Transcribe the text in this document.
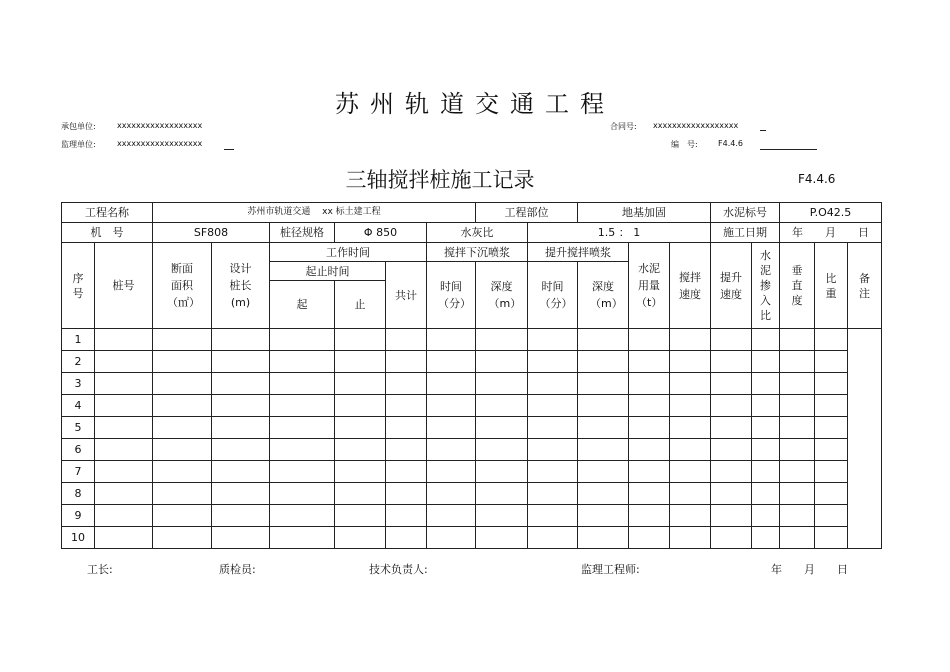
苏州轨道交通工程
承包单位:	xxxxxxxxxxxxxxxxxx	合同号: xxxxxxxxxxxxxxxxxx
监理单位:	xxxxxxxxxxxxxxxxxx	编　号:	F4.4.6
三轴搅拌桩施工记录	F4.4.6
工程名称		苏州市轨道交通　 xx 标土建工程						工程部位		地基加固			水泥标号		P.O42.5		
机　号		SF808		桩径规格	Φ 850		水灰比		1.5 ： 1				施工日期		年　　月　　日		

序号	桩号	断面面积（㎡）	设计桩长(m)	工作时间			搅拌下沉喷浆		提升搅拌喷浆		水泥用量（t）	搅拌速度	提升速度	水泥掺入比	垂直度	比重	备注

				起止时间		共计	时间（分）	深度（m）	时间（分）	深度（m）							

				起	止												

1																	
2																	
3																	
4																	
5																	
6																	
7																	
8																	
9																	
10																	
工长:	质检员:	技术负责人:	监理工程师:	年　　月　　日
